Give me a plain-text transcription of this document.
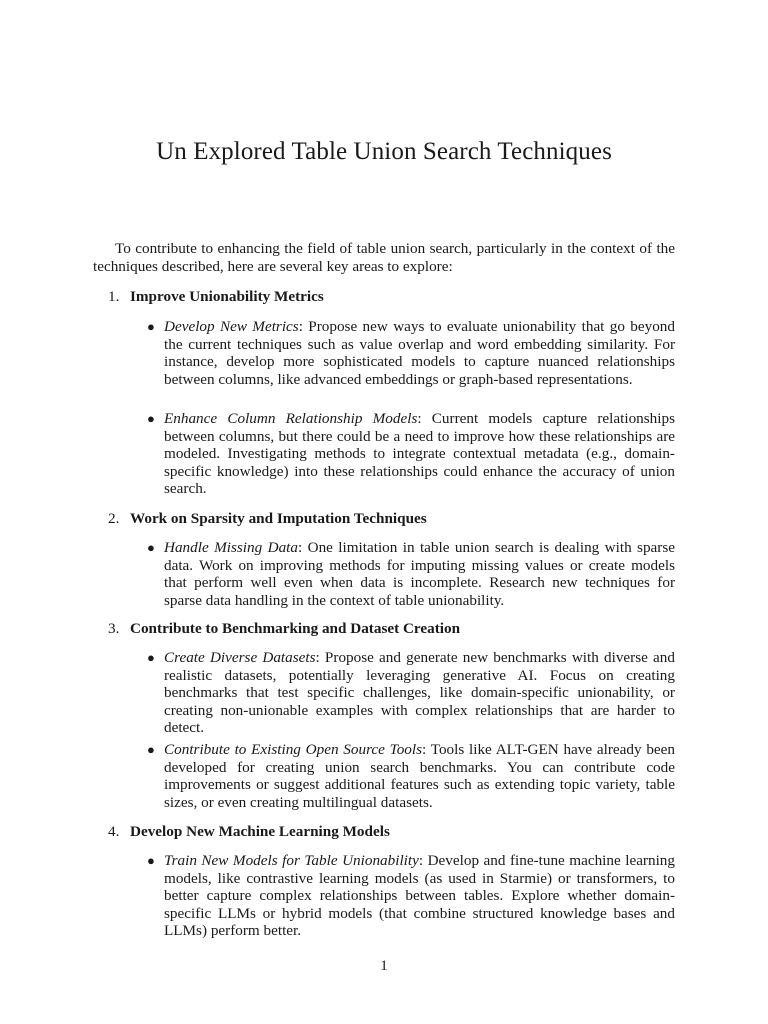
Un Explored Table Union Search Techniques

To contribute to enhancing the field of table union search, particularly in the context of the techniques described, here are several key areas to explore:

1. Improve Unionability Metrics

● Develop New Metrics: Propose new ways to evaluate unionability that go beyond the current techniques such as value overlap and word embedding similarity. For instance, develop more sophisticated models to capture nuanced relationships between columns, like advanced embeddings or graph-based representations.

● Enhance Column Relationship Models: Current models capture relationships between columns, but there could be a need to improve how these relationships are modeled. Investigating methods to integrate contextual metadata (e.g., domain-specific knowledge) into these relationships could enhance the accuracy of union search.

2. Work on Sparsity and Imputation Techniques

● Handle Missing Data: One limitation in table union search is dealing with sparse data. Work on improving methods for imputing missing values or create models that perform well even when data is incomplete. Research new techniques for sparse data handling in the context of table unionability.

3. Contribute to Benchmarking and Dataset Creation

● Create Diverse Datasets: Propose and generate new benchmarks with diverse and realistic datasets, potentially leveraging generative AI. Focus on creating benchmarks that test specific challenges, like domain-specific unionability, or creating non-unionable examples with complex relationships that are harder to detect.

● Contribute to Existing Open Source Tools: Tools like ALT-GEN have already been developed for creating union search benchmarks. You can contribute code improvements or suggest additional features such as extending topic variety, table sizes, or even creating multilingual datasets.

4. Develop New Machine Learning Models

● Train New Models for Table Unionability: Develop and fine-tune machine learning models, like contrastive learning models (as used in Starmie) or transformers, to better capture complex relationships between tables. Explore whether domain-specific LLMs or hybrid models (that combine structured knowledge bases and LLMs) perform better.

1
